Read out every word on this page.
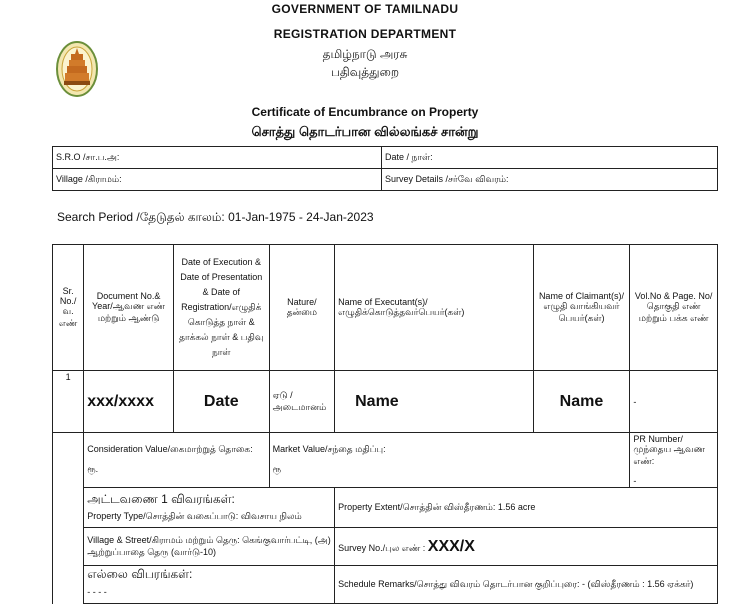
GOVERNMENT OF TAMILNADU
REGISTRATION DEPARTMENT
தமிழ்நாடு அரசு
பதிவுத்துறை
Certificate of Encumbrance on Property
சொத்து தொடர்பான வில்லங்கச் சான்று
S.R.O /சா.ப.அ:	Date / நாள்:
Village /கிராமம்:	Survey Details /சர்வே விவரம்:
Search Period /தேடுதல் காலம்: 01-Jan-1975 - 24-Jan-2023
Sr. No./வ. எண்	Document No.& Year/ஆவண எண் மற்றும் ஆண்டு	Date of Execution & Date of Presentation & Date of Registration/எழுதிக் கொடுத்த நாள் & தாக்கல் நாள் & பதிவு நாள்	Nature/தன்மை	Name of Executant(s)/ எழுதிக்கொடுத்தவர்பெயர்(கள்)	Name of Claimant(s)/ எழுதி வாங்கியவர் பெயர்(கள்)	Vol.No & Page. No/ தொகுதி எண் மற்றும் பக்க எண்
1	xxx/xxxx	Date	ஏடு / அடைமானம்	Name	Name	-

Consideration Value/கைமாற்றுத் தொகை:
ரூ.

Market Value/சந்தை மதிப்பு:
ரூ

PR Number/முந்தைய ஆவண எண்:
-

அட்டவணை 1 விவரங்கள்:
Property Type/சொத்தின் வகைப்பாடு: விவசாய நிலம்
	Property Extent/சொத்தின் விஸ்தீரணம்: 1.56 acre
	Village & Street/கிராமம் மற்றும் தெரு: கெங்குவார்பட்டி, (அ) ஆற்றுப்பாதை தெரு (வார்டு-10)	Survey No./புல எண் : XXX/X

எல்லை விபரங்கள்:
- - - -
	Schedule Remarks/சொத்து விவரம் தொடர்பான குறிப்புரை: - (விஸ்தீரணம் : 1.56 ஏக்கர்)
